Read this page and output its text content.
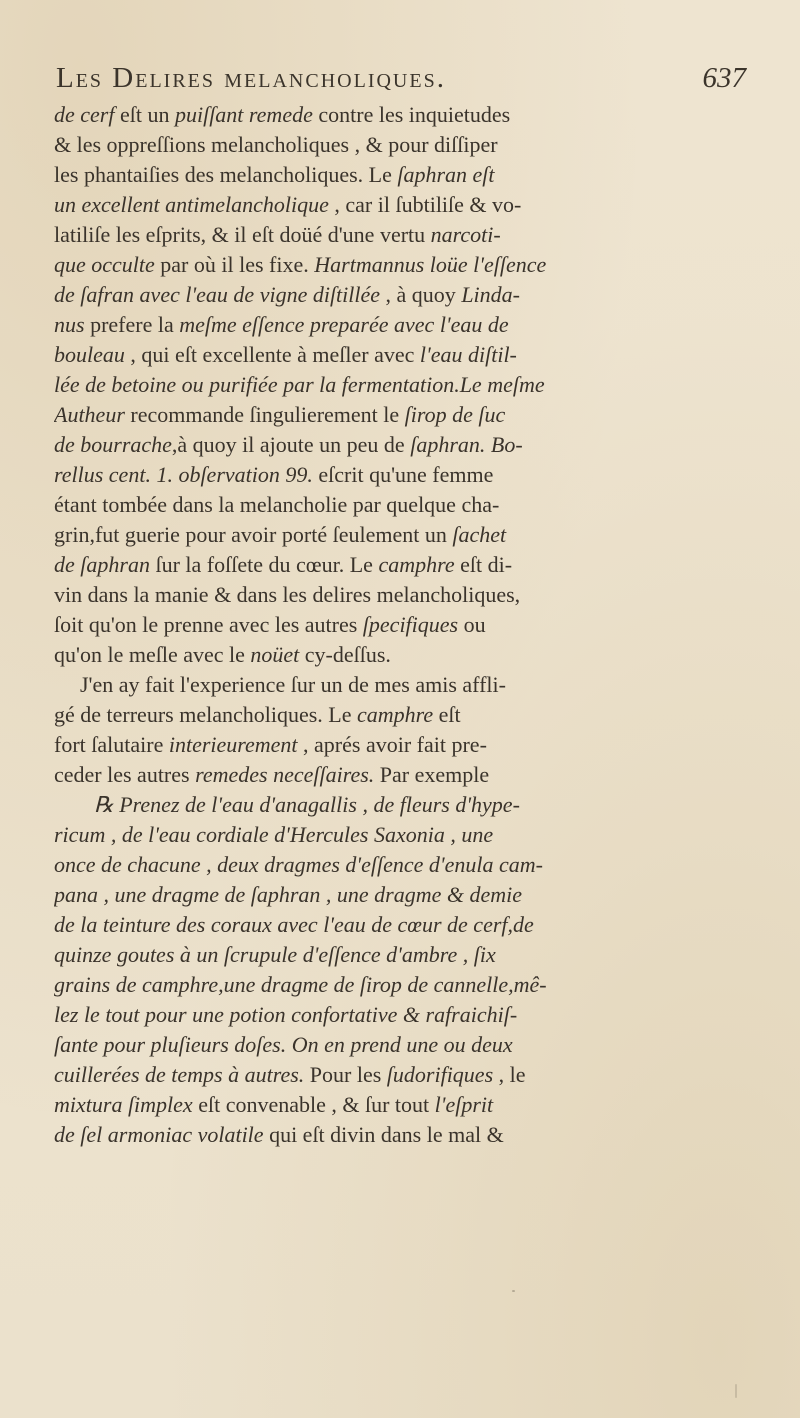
Les Delires melancholiques.	637
de cerf eſt un puiſſant remede contre les inquietudes
& les oppreſſions melancholiques , & pour diſſiper
les phantaiſies des melancholiques. Le ſaphran eſt
un excellent antimelancholique , car il ſubtiliſe & vo-
latiliſe les eſprits, & il eſt doüé d'une vertu narcoti-
que occulte par où il les fixe. Hartmannus loüe l'eſſence
de ſafran avec l'eau de vigne diſtillée , à quoy Linda-
nus prefere la meſme eſſence preparée avec l'eau de
bouleau , qui eſt excellente à meſler avec l'eau diſtil-
lée de betoine ou purifiée par la fermentation.Le meſme
Autheur recommande ſingulierement le ſirop de ſuc
de bourrache,à quoy il ajoute un peu de ſaphran. Bo-
rellus cent. 1. obſervation 99. eſcrit qu'une femme
étant tombée dans la melancholie par quelque cha-
grin,fut guerie pour avoir porté ſeulement un ſachet
de ſaphran ſur la foſſete du cœur. Le camphre eſt di-
vin dans la manie & dans les delires melancholiques,
ſoit qu'on le prenne avec les autres ſpecifiques ou
qu'on le meſle avec le noüet cy-deſſus.
J'en ay fait l'experience ſur un de mes amis affli-
gé de terreurs melancholiques. Le camphre eſt
fort ſalutaire interieurement , aprés avoir fait pre-
ceder les autres remedes neceſſaires. Par exemple
℞ Prenez de l'eau d'anagallis , de fleurs d'hype-
ricum , de l'eau cordiale d'Hercules Saxonia , une
once de chacune , deux dragmes d'eſſence d'enula cam-
pana , une dragme de ſaphran , une dragme & demie
de la teinture des coraux avec l'eau de cœur de cerf,de
quinze goutes à un ſcrupule d'eſſence d'ambre , ſix
grains de camphre,une dragme de ſirop de cannelle,mê-
lez le tout pour une potion confortative & rafraichiſ-
ſante pour pluſieurs doſes. On en prend une ou deux
cuillerées de temps à autres. Pour les ſudorifiques , le
mixtura ſimplex eſt convenable , & ſur tout l'eſprit
de ſel armoniac volatile qui eſt divin dans le mal &
